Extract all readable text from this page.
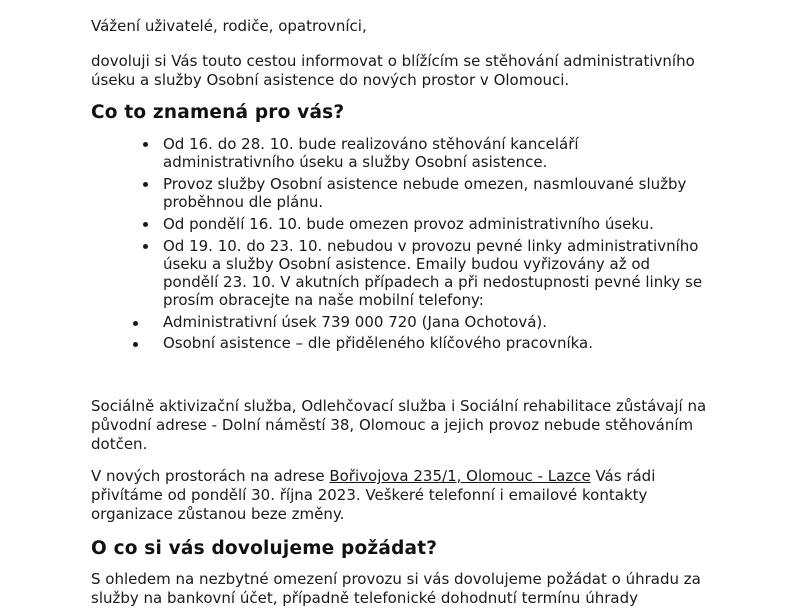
Vážení uživatelé, rodiče, opatrovníci,

dovoluji si Vás touto cestou informovat o blížícím se stěhování administrativního
úseku a služby Osobní asistence do nových prostor v Olomouci.

Co to znamená pro vás?
Od 16. do 28. 10. bude realizováno stěhování kanceláří
administrativního úseku a služby Osobní asistence.
Provoz služby Osobní asistence nebude omezen, nasmlouvané služby
proběhnou dle plánu.
Od pondělí 16. 10. bude omezen provoz administrativního úseku.
Od 19. 10. do 23. 10. nebudou v provozu pevné linky administrativního
úseku a služby Osobní asistence. Emaily budou vyřizovány až od
pondělí 23. 10. V akutních případech a při nedostupnosti pevné linky se
prosím obracejte na naše mobilní telefony:
Administrativní úsek 739 000 720 (Jana Ochotová).
Osobní asistence – dle přiděleného klíčového pracovníka.

Sociálně aktivizační služba, Odlehčovací služba i Sociální rehabilitace zůstávají na
původní adrese - Dolní náměstí 38, Olomouc a jejich provoz nebude stěhováním
dotčen.

V nových prostorách na adrese Bořivojova 235/1, Olomouc - Lazce Vás rádi
přivítáme od pondělí 30. října 2023. Veškeré telefonní i emailové kontakty
organizace zůstanou beze změny.

O co si vás dovolujeme požádat?

S ohledem na nezbytné omezení provozu si vás dovolujeme požádat o úhradu za
služby na bankovní účet, případně telefonické dohodnutí termínu úhrady
